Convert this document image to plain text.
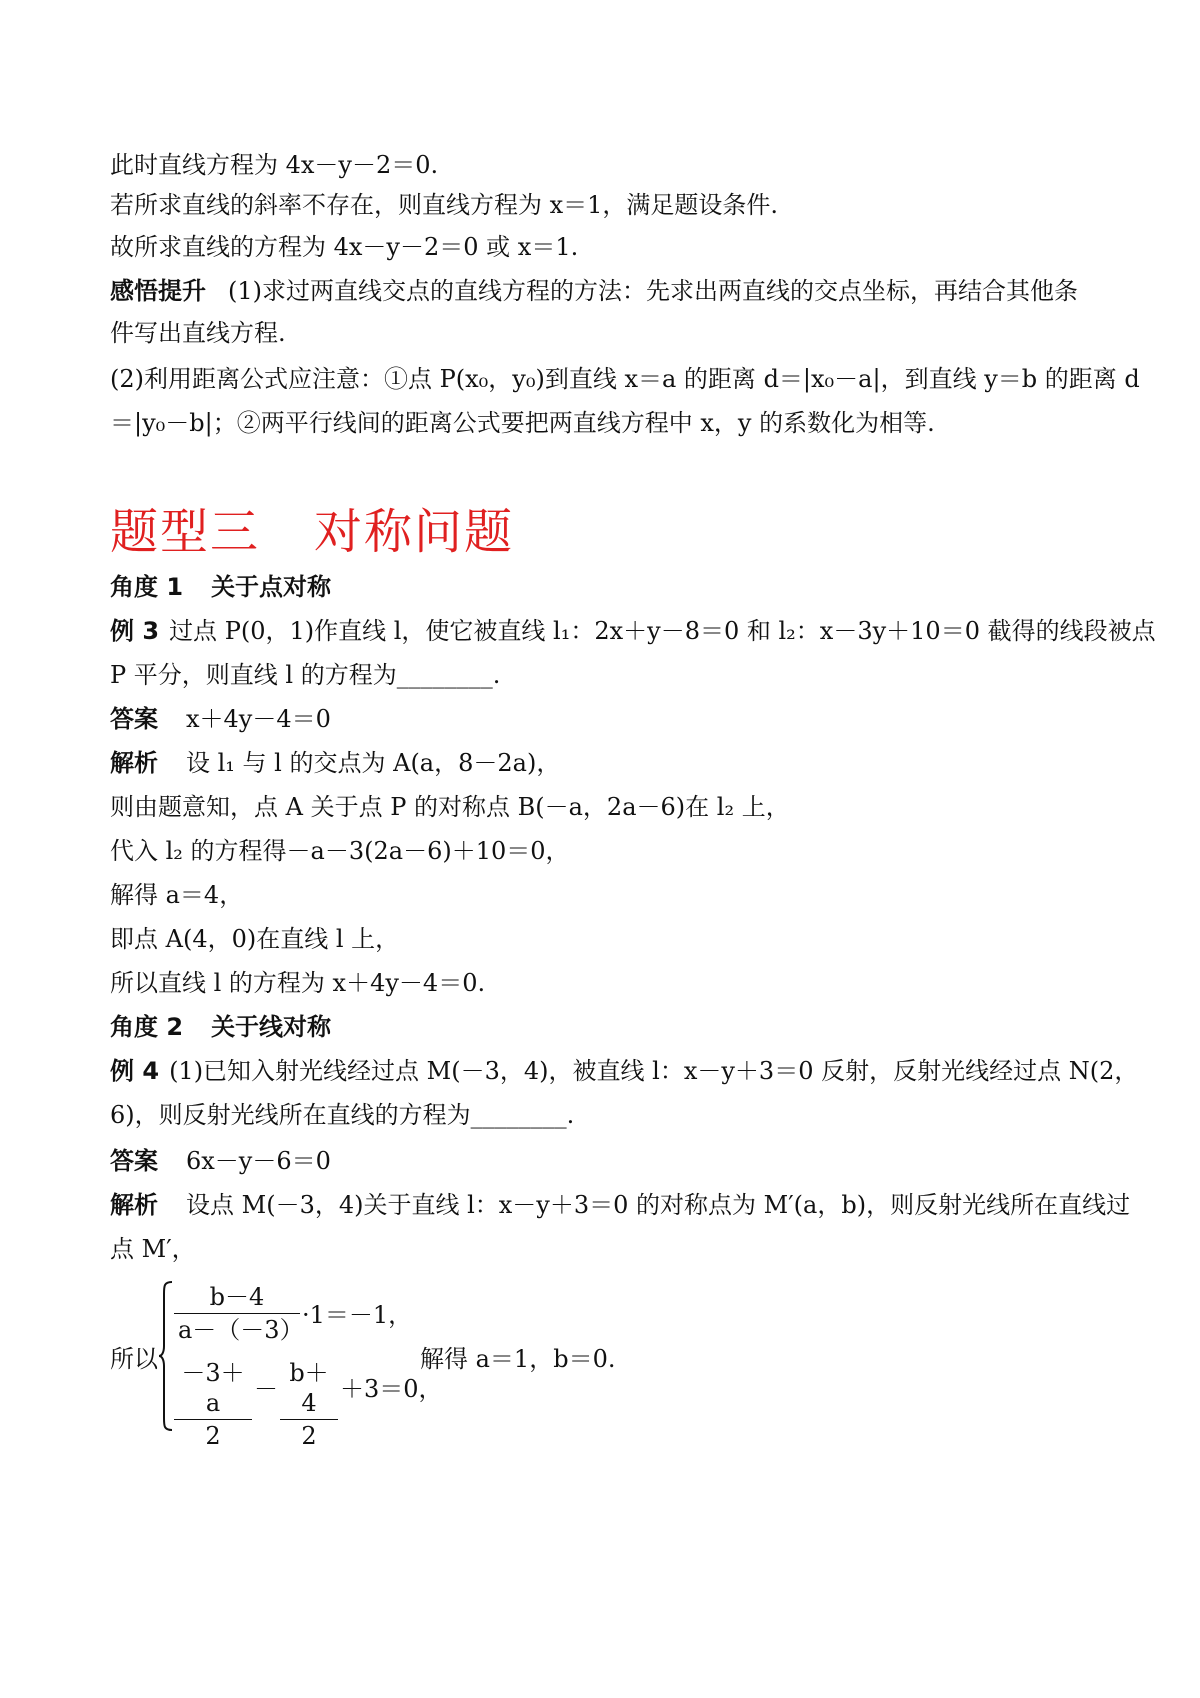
此时直线方程为 4x－y－2＝0.
若所求直线的斜率不存在，则直线方程为 x＝1，满足题设条件.
故所求直线的方程为 4x－y－2＝0 或 x＝1.
感悟提升 (1)求过两直线交点的直线方程的方法：先求出两直线的交点坐标，再结合其他条
件写出直线方程.
(2)利用距离公式应注意：①点 P(x₀，y₀)到直线 x＝a 的距离 d＝|x₀－a|，到直线 y＝b 的距离 d
＝|y₀－b|；②两平行线间的距离公式要把两直线方程中 x，y 的系数化为相等.
题型三 对称问题
角度 1 关于点对称
例 3 过点 P(0，1)作直线 l，使它被直线 l₁：2x＋y－8＝0 和 l₂：x－3y＋10＝0 截得的线段被点
P 平分，则直线 l 的方程为________.
答案 x＋4y－4＝0
解析 设 l₁ 与 l 的交点为 A(a，8－2a)，
则由题意知，点 A 关于点 P 的对称点 B(－a，2a－6)在 l₂ 上，
代入 l₂ 的方程得－a－3(2a－6)＋10＝0，
解得 a＝4，
即点 A(4，0)在直线 l 上，
所以直线 l 的方程为 x＋4y－4＝0.
角度 2 关于线对称
例 4 (1)已知入射光线经过点 M(－3，4)，被直线 l：x－y＋3＝0 反射，反射光线经过点 N(2，
6)，则反射光线所在直线的方程为________.
答案 6x－y－6＝0
解析 设点 M(－3，4)关于直线 l：x－y＋3＝0 的对称点为 M′(a，b)，则反射光线所在直线过
点 M′，
所以
b－4
a－（－3）
·1＝－1，
－3＋a
2
－
b＋4
2
＋3＝0，
解得 a＝1，b＝0.
